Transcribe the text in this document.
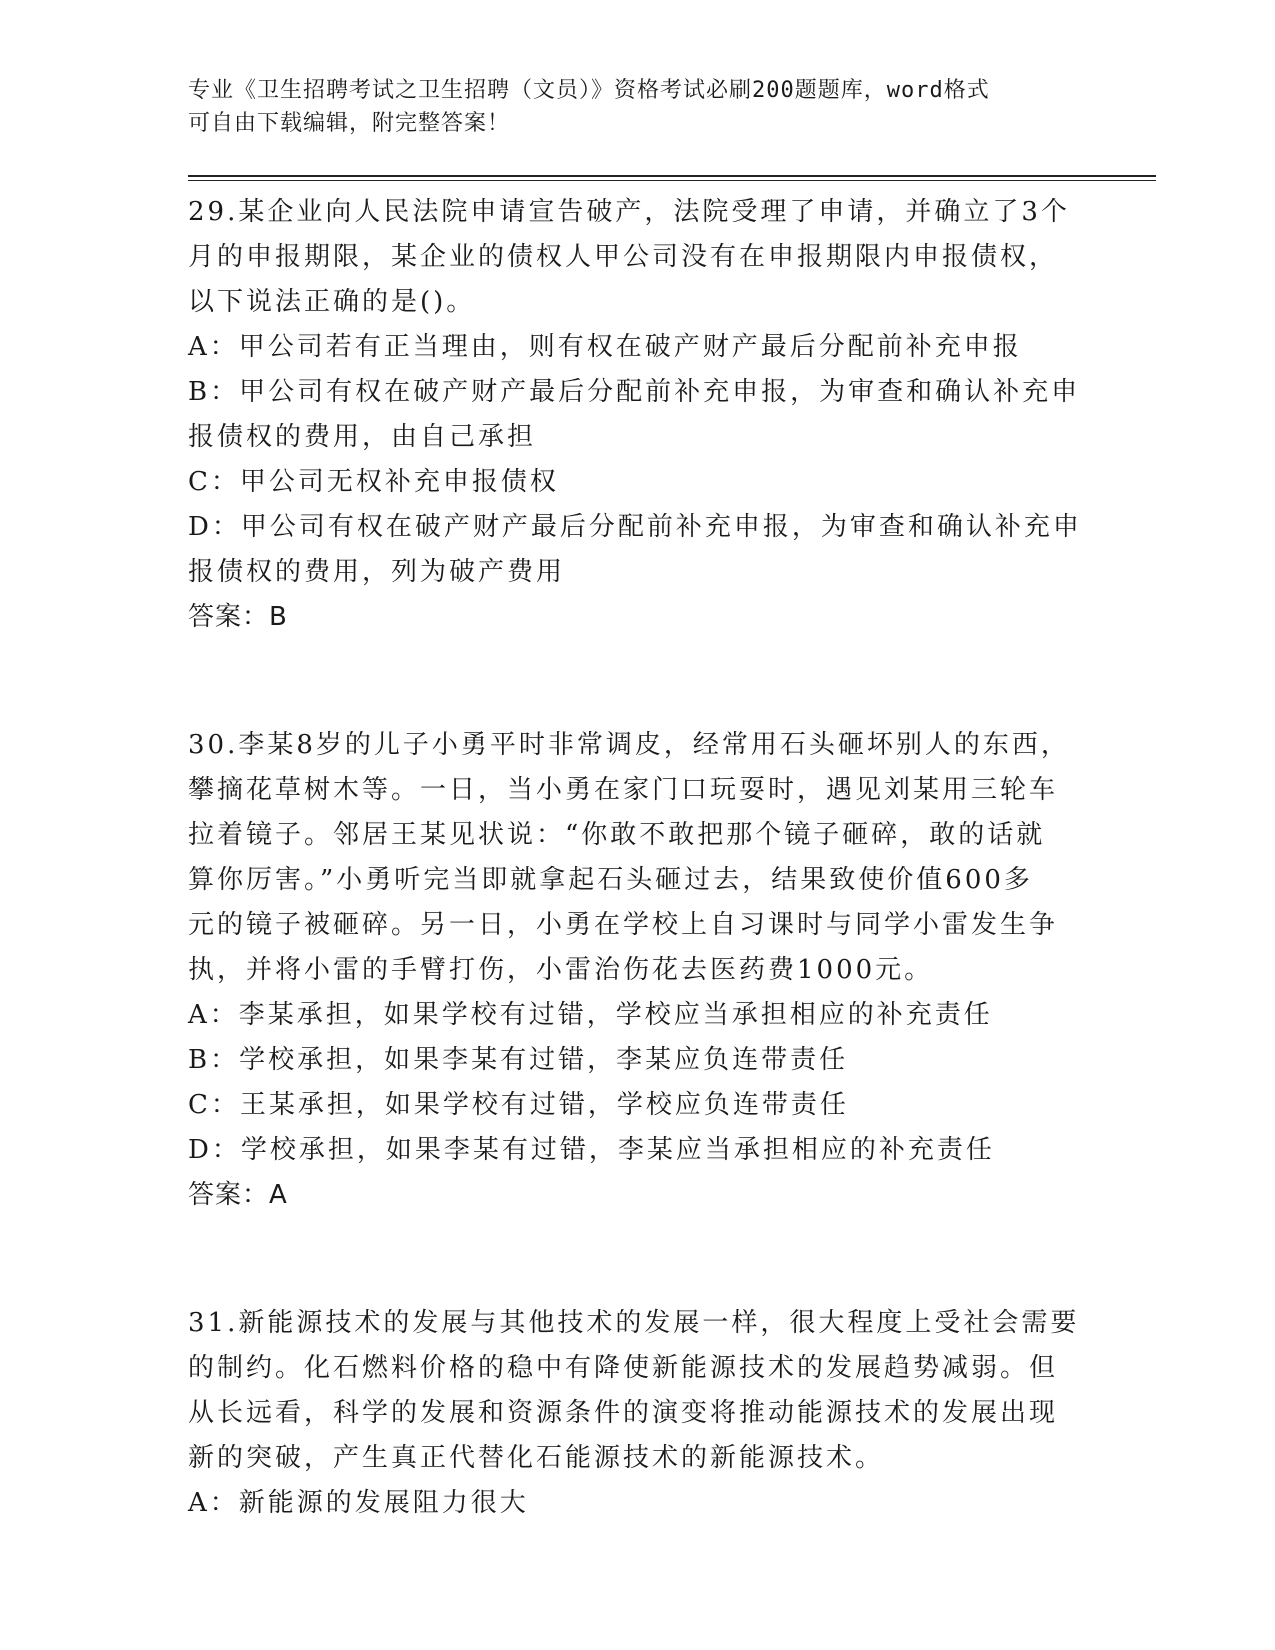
专业《卫生招聘考试之卫生招聘（文员）》资格考试必刷200题题库，word格式
可自由下载编辑，附完整答案！
29.某企业向人民法院申请宣告破产，法院受理了申请，并确立了3个
月的申报期限，某企业的债权人甲公司没有在申报期限内申报债权，
以下说法正确的是()。
A：甲公司若有正当理由，则有权在破产财产最后分配前补充申报
B：甲公司有权在破产财产最后分配前补充申报，为审查和确认补充申
报债权的费用，由自己承担
C：甲公司无权补充申报债权
D：甲公司有权在破产财产最后分配前补充申报，为审查和确认补充申
报债权的费用，列为破产费用
答案：B
30.李某8岁的儿子小勇平时非常调皮，经常用石头砸坏别人的东西，
攀摘花草树木等。一日，当小勇在家门口玩耍时，遇见刘某用三轮车
拉着镜子。邻居王某见状说：“你敢不敢把那个镜子砸碎，敢的话就
算你厉害。”小勇听完当即就拿起石头砸过去，结果致使价值600多
元的镜子被砸碎。另一日，小勇在学校上自习课时与同学小雷发生争
执，并将小雷的手臂打伤，小雷治伤花去医药费1000元。
A：李某承担，如果学校有过错，学校应当承担相应的补充责任
B：学校承担，如果李某有过错，李某应负连带责任
C：王某承担，如果学校有过错，学校应负连带责任
D：学校承担，如果李某有过错，李某应当承担相应的补充责任
答案：A
31.新能源技术的发展与其他技术的发展一样，很大程度上受社会需要
的制约。化石燃料价格的稳中有降使新能源技术的发展趋势减弱。但
从长远看，科学的发展和资源条件的演变将推动能源技术的发展出现
新的突破，产生真正代替化石能源技术的新能源技术。
A：新能源的发展阻力很大
